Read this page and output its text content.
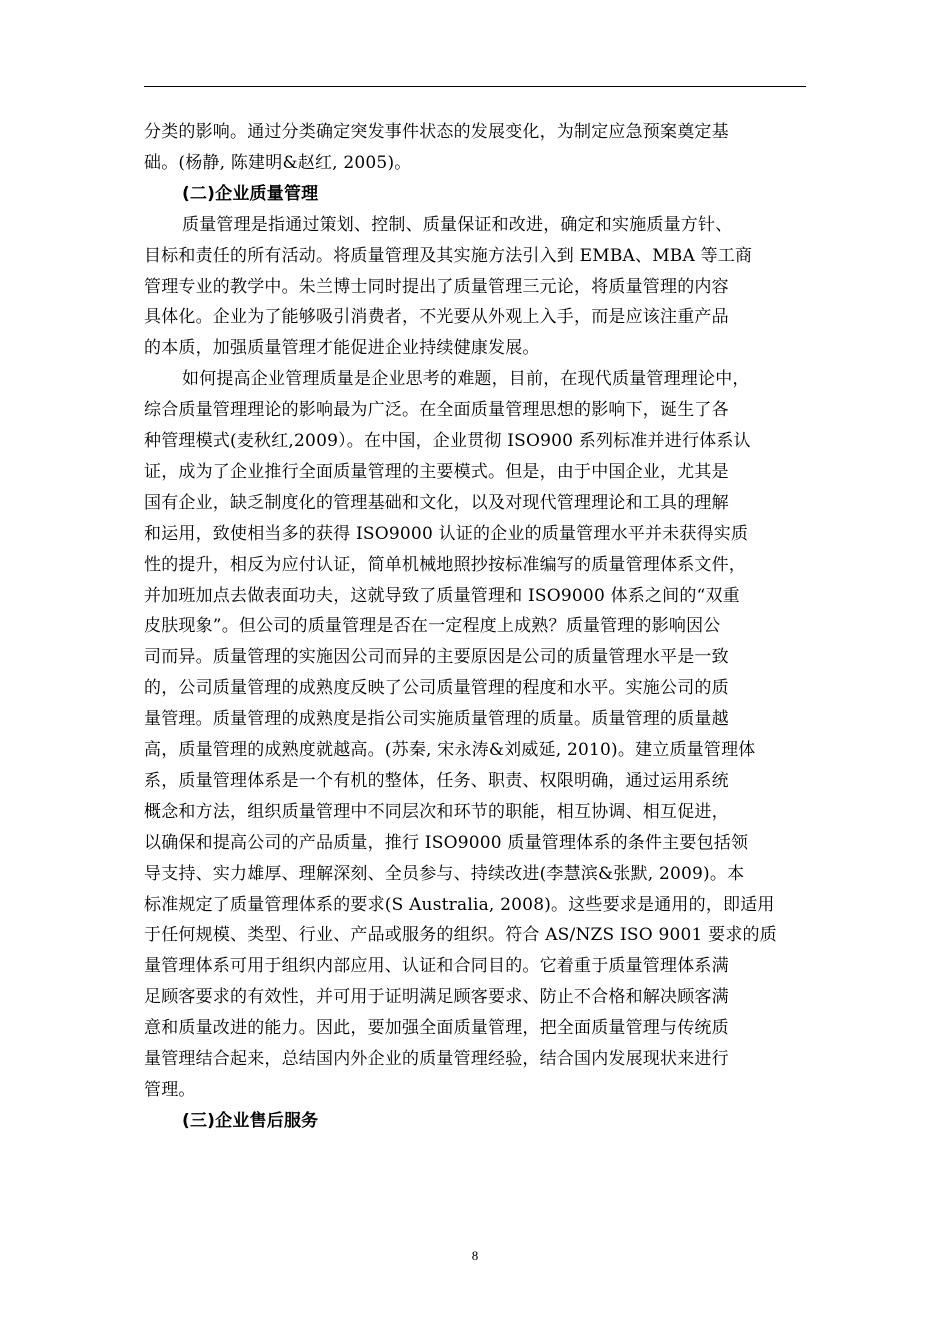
分类的影响。通过分类确定突发事件状态的发展变化，为制定应急预案奠定基
础。(杨静, 陈建明&赵红, 2005)。
(二)企业质量管理
质量管理是指通过策划、控制、质量保证和改进，确定和实施质量方针、
目标和责任的所有活动。将质量管理及其实施方法引入到 EMBA、MBA 等工商
管理专业的教学中。朱兰博士同时提出了质量管理三元论，将质量管理的内容
具体化。企业为了能够吸引消费者，不光要从外观上入手，而是应该注重产品
的本质，加强质量管理才能促进企业持续健康发展。
如何提高企业管理质量是企业思考的难题，目前，在现代质量管理理论中，
综合质量管理理论的影响最为广泛。在全面质量管理思想的影响下，诞生了各
种管理模式(麦秋红,2009）。在中国，企业贯彻 ISO900 系列标准并进行体系认
证，成为了企业推行全面质量管理的主要模式。但是，由于中国企业，尤其是
国有企业，缺乏制度化的管理基础和文化，以及对现代管理理论和工具的理解
和运用，致使相当多的获得 ISO9000 认证的企业的质量管理水平并未获得实质
性的提升，相反为应付认证，简单机械地照抄按标准编写的质量管理体系文件，
并加班加点去做表面功夫，这就导致了质量管理和 ISO9000 体系之间的“双重
皮肤现象”。但公司的质量管理是否在一定程度上成熟？质量管理的影响因公
司而异。质量管理的实施因公司而异的主要原因是公司的质量管理水平是一致
的，公司质量管理的成熟度反映了公司质量管理的程度和水平。实施公司的质
量管理。质量管理的成熟度是指公司实施质量管理的质量。质量管理的质量越
高，质量管理的成熟度就越高。(苏秦, 宋永涛&刘威延, 2010)。建立质量管理体
系，质量管理体系是一个有机的整体，任务、职责、权限明确，通过运用系统
概念和方法，组织质量管理中不同层次和环节的职能，相互协调、相互促进，
以确保和提高公司的产品质量，推行 ISO9000 质量管理体系的条件主要包括领
导支持、实力雄厚、理解深刻、全员参与、持续改进(李慧滨&张默, 2009)。本
标准规定了质量管理体系的要求(S Australia, 2008)。这些要求是通用的，即适用
于任何规模、类型、行业、产品或服务的组织。符合 AS/NZS ISO 9001 要求的质
量管理体系可用于组织内部应用、认证和合同目的。它着重于质量管理体系满
足顾客要求的有效性，并可用于证明满足顾客要求、防止不合格和解决顾客满
意和质量改进的能力。因此，要加强全面质量管理，把全面质量管理与传统质
量管理结合起来，总结国内外企业的质量管理经验，结合国内发展现状来进行
管理。
(三)企业售后服务
8
